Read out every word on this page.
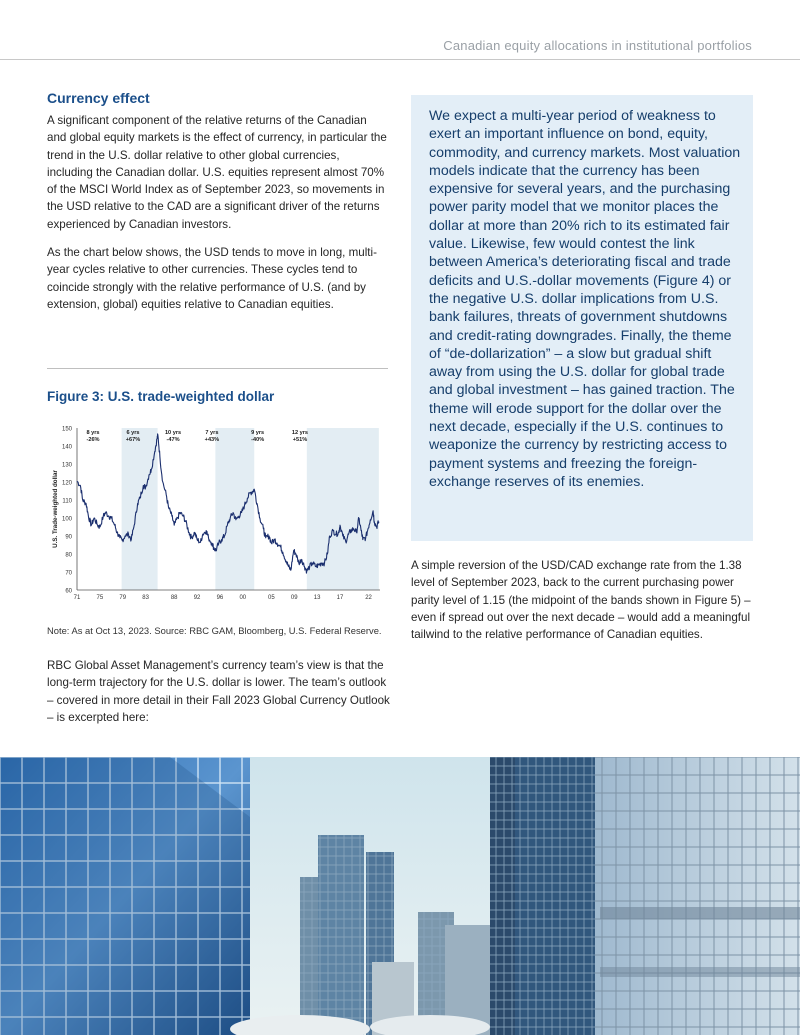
Canadian equity allocations in institutional portfolios
Currency effect

A significant component of the relative returns of the Canadian and global equity markets is the effect of currency, in particular the trend in the U.S. dollar relative to other global currencies, including the Canadian dollar. U.S. equities represent almost 70% of the MSCI World Index as of September 2023, so movements in the USD relative to the CAD are a significant driver of the returns experienced by Canadian investors.

As the chart below shows, the USD tends to move in long, multi-year cycles relative to other currencies. These cycles tend to coincide strongly with the relative performance of U.S. (and by extension, global) equities relative to Canadian equities.

Figure 3: U.S. trade-weighted dollar
60
70
80
90
100
110
120
130
140
150
71	75	79	83	88	92	96	00	05	09	13	17	22
U.S. Trade-weighted dollar
8 yrs
-26%
6 yrs
+67%
10 yrs
-47%
7 yrs
+43%
9 yrs
-40%
12 yrs
+51%
Note: As at Oct 13, 2023. Source: RBC GAM, Bloomberg, U.S. Federal Reserve.

RBC Global Asset Management’s currency team’s view is that the long-term trajectory for the U.S. dollar is lower. The team’s outlook – covered in more detail in their Fall 2023 Global Currency Outlook – is excerpted here:

We expect a multi-year period of weakness to exert an important influence on bond, equity, commodity, and currency markets. Most valuation models indicate that the currency has been expensive for several years, and the purchasing power parity model that we monitor places the dollar at more than 20% rich to its estimated fair value. Likewise, few would contest the link between America’s deteriorating fiscal and trade deficits and U.S.-dollar movements (Figure 4) or the negative U.S. dollar implications from U.S. bank failures, threats of government shutdowns and credit-rating downgrades. Finally, the theme of “de-dollarization” – a slow but gradual shift away from using the U.S. dollar for global trade and global investment – has gained traction. The theme will erode support for the dollar over the next decade, especially if the U.S. continues to weaponize the currency by restricting access to payment systems and freezing the foreign-exchange reserves of its enemies.

A simple reversion of the USD/CAD exchange rate from the 1.38 level of September 2023, back to the current purchasing power parity level of 1.15 (the midpoint of the bands shown in Figure 5) – even if spread out over the next decade – would add a meaningful tailwind to the relative performance of Canadian equities.
